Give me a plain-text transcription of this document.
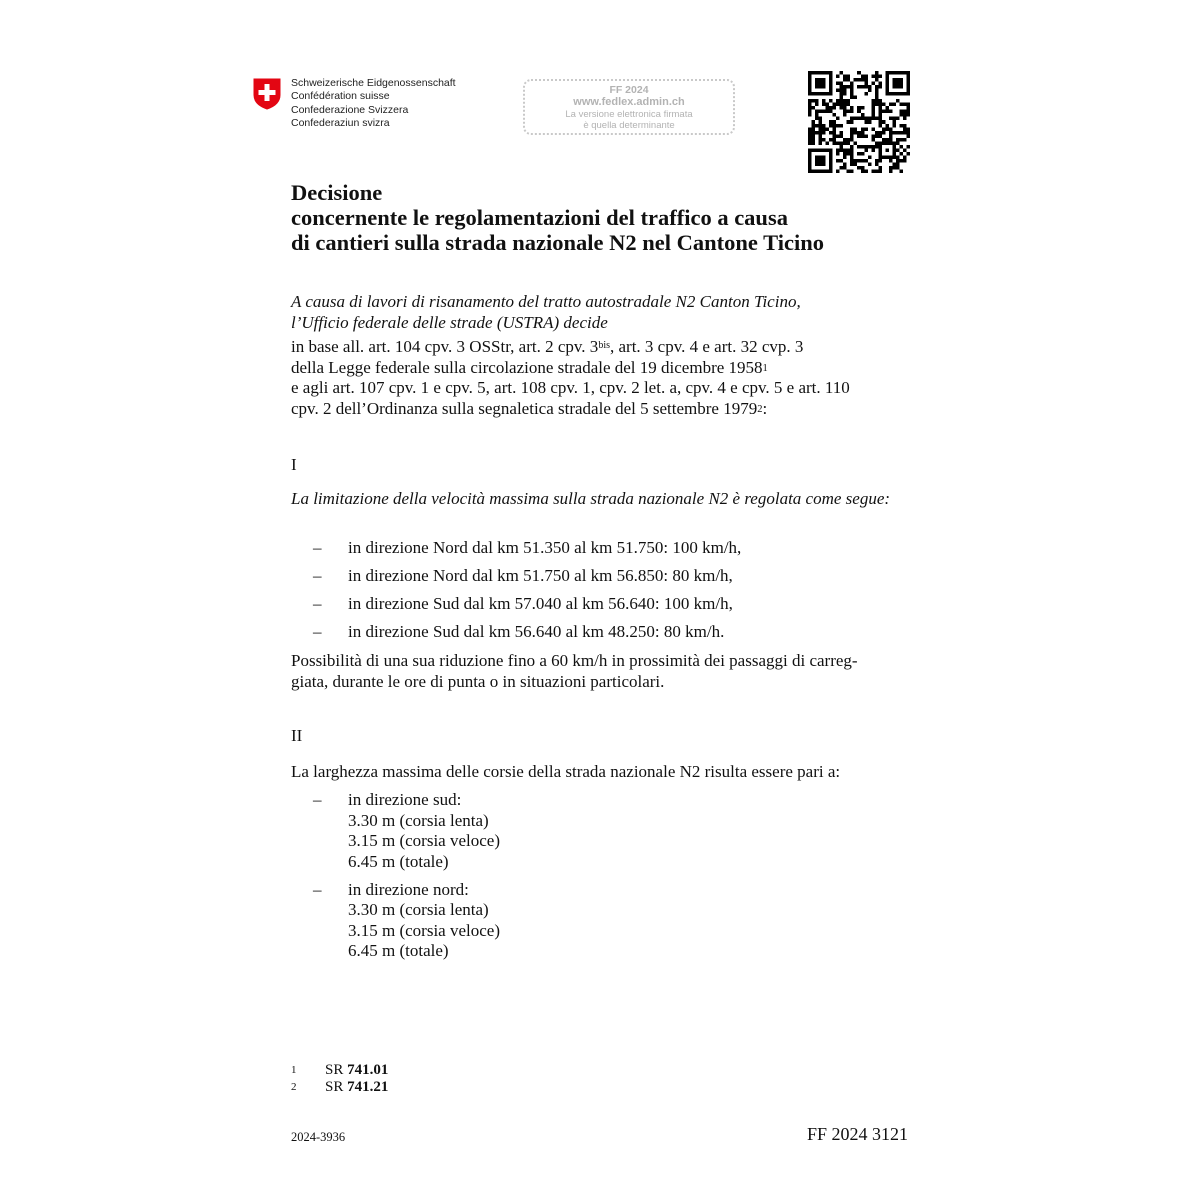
Schweizerische Eidgenossenschaft
Confédération suisse
Confederazione Svizzera
Confederaziun svizra
FF 2024
www.fedlex.admin.ch
La versione elettronica firmata
è quella determinante
Decisione
concernente le regolamentazioni del traffico a causa
di cantieri sulla strada nazionale N2 nel Cantone Ticino
A causa di lavori di risanamento del tratto autostradale N2 Canton Ticino,
l’Ufficio federale delle strade (USTRA) decide
in base all. art. 104 cpv. 3 OSStr, art. 2 cpv. $3^{bis}$, art. 3 cpv. 4 e art. 32 cvp. 3
della Legge federale sulla circolazione stradale del 19 dicembre 1958$^1$
e agli art. 107 cpv. 1 e cpv. 5, art. 108 cpv. 1, cpv. 2 let. a, cpv. 4 e cpv. 5 e art. 110
cpv. 2 dell’Ordinanza sulla segnaletica stradale del 5 settembre 1979$^2$:
I
La limitazione della velocità massima sulla strada nazionale N2 è regolata come segue:
– in direzione Nord dal km 51.350 al km 51.750: 100 km/h,
– in direzione Nord dal km 51.750 al km 56.850: 80 km/h,
– in direzione Sud dal km 57.040 al km 56.640: 100 km/h,
– in direzione Sud dal km 56.640 al km 48.250: 80 km/h.
Possibilità di una sua riduzione fino a 60 km/h in prossimità dei passaggi di carreg-
giata, durante le ore di punta o in situazioni particolari.
II
La larghezza massima delle corsie della strada nazionale N2 risulta essere pari a:
– in direzione sud:
3.30 m (corsia lenta)
3.15 m (corsia veloce)
6.45 m (totale)
– in direzione nord:
3.30 m (corsia lenta)
3.15 m (corsia veloce)
6.45 m (totale)
1 SR 741.01
2 SR 741.21
2024-3936	FF 2024 3121
